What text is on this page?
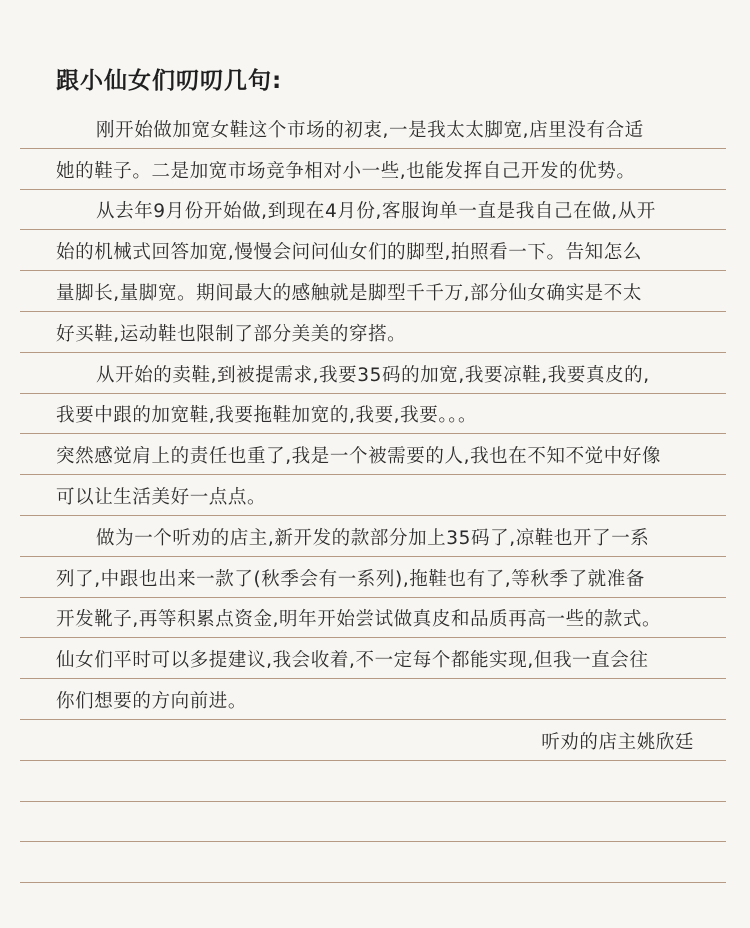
跟小仙女们叨叨几句:
刚开始做加宽女鞋这个市场的初衷,一是我太太脚宽,店里没有合适
她的鞋子。二是加宽市场竞争相对小一些,也能发挥自己开发的优势。
从去年9月份开始做,到现在4月份,客服询单一直是我自己在做,从开
始的机械式回答加宽,慢慢会问问仙女们的脚型,拍照看一下。告知怎么
量脚长,量脚宽。期间最大的感触就是脚型千千万,部分仙女确实是不太
好买鞋,运动鞋也限制了部分美美的穿搭。
从开始的卖鞋,到被提需求,我要35码的加宽,我要凉鞋,我要真皮的,
我要中跟的加宽鞋,我要拖鞋加宽的,我要,我要。。。
突然感觉肩上的责任也重了,我是一个被需要的人,我也在不知不觉中好像
可以让生活美好一点点。
做为一个听劝的店主,新开发的款部分加上35码了,凉鞋也开了一系
列了,中跟也出来一款了(秋季会有一系列),拖鞋也有了,等秋季了就准备
开发靴子,再等积累点资金,明年开始尝试做真皮和品质再高一些的款式。
仙女们平时可以多提建议,我会收着,不一定每个都能实现,但我一直会往
你们想要的方向前进。
听劝的店主姚欣廷
